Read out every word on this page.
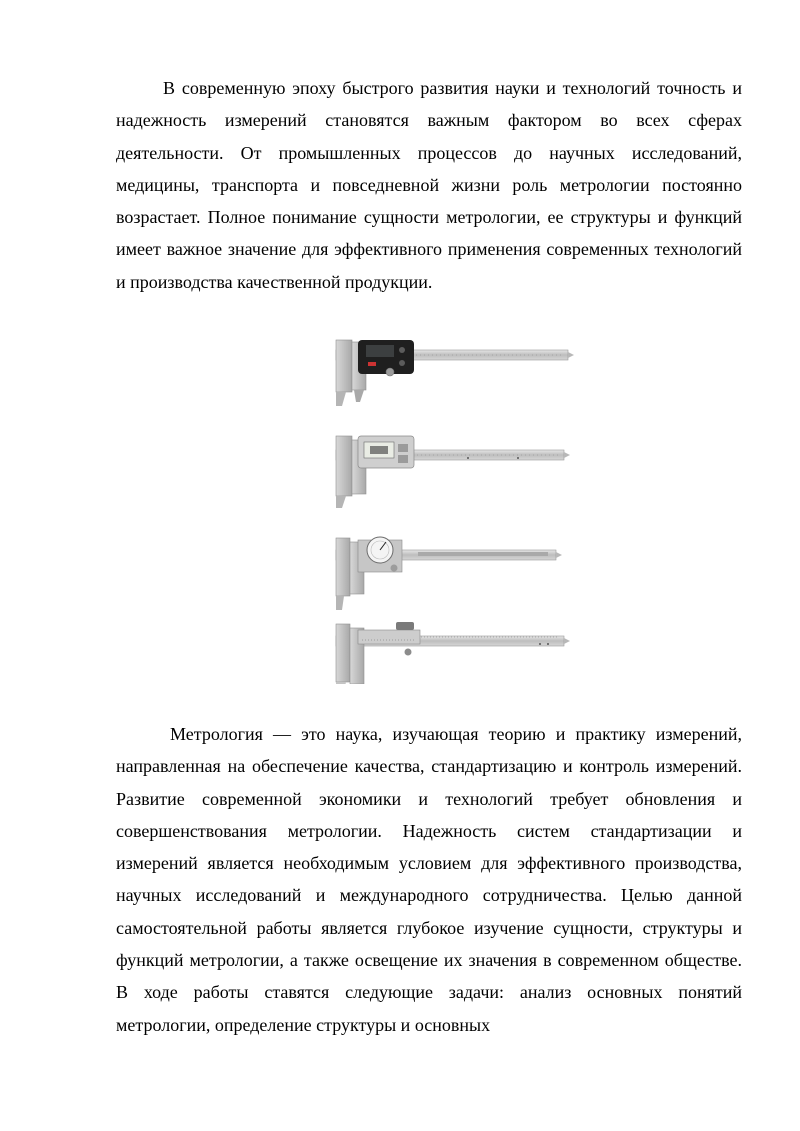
В современную эпоху быстрого развития науки и технологий точность и надежность измерений становятся важным фактором во всех сферах деятельности. От промышленных процессов до научных исследований, медицины, транспорта и повседневной жизни роль метрологии постоянно возрастает. Полное понимание сущности метрологии, ее структуры и функций имеет важное значение для эффективного применения современных технологий и производства качественной продукции.

Метрология — это наука, изучающая теорию и практику измерений, направленная на обеспечение качества, стандартизацию и контроль измерений. Развитие современной экономики и технологий требует обновления и совершенствования метрологии. Надежность систем стандартизации и измерений является необходимым условием для эффективного производства, научных исследований и международного сотрудничества. Целью данной самостоятельной работы является глубокое изучение сущности, структуры и функций метрологии, а также освещение их значения в современном обществе. В ходе работы ставятся следующие задачи: анализ основных понятий метрологии, определение структуры и основных
